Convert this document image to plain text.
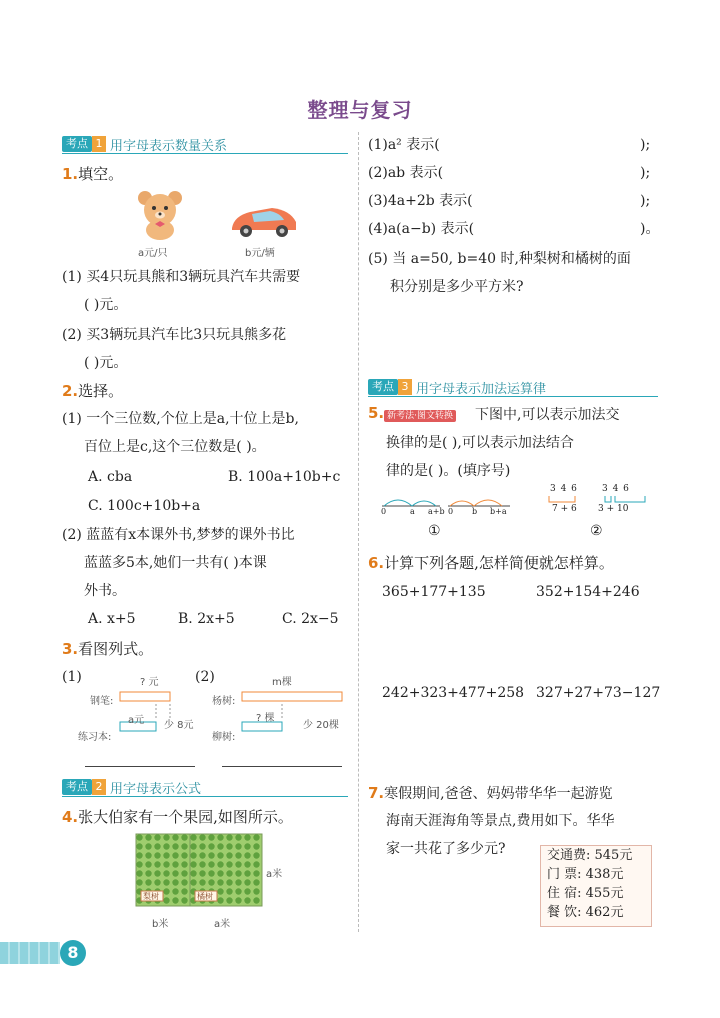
整理与复习
考点 1 用字母表示数量关系
1.填空。
a元/只	b元/辆
(1) 买4只玩具熊和3辆玩具汽车共需要
( )元。
(2) 买3辆玩具汽车比3只玩具熊多花
( )元。
2.选择。
(1) 一个三位数,个位上是a,十位上是b,
百位上是c,这个三位数是( )。
A. cba	B. 100a+10b+c
C. 100c+10b+a
(2) 蓝蓝有x本课外书,梦梦的课外书比
蓝蓝多5本,她们一共有( )本课
外书。
A. x+5	B. 2x+5	C. 2x−5
3.看图列式。
(1)	(2)
? 元
钢笔:
a元 少 8元
练习本:
m棵
杨树:
? 棵
少 20棵
柳树:
考点 2 用字母表示公式
4.张大伯家有一个果园,如图所示。
梨树	橘树
a米
b米	a米
(1)a² 表示(	);
(2)ab 表示(	);
(3)4a+2b 表示(	);
(4)a(a−b) 表示(	)。
(5) 当 a=50, b=40 时,种梨树和橘树的面
积分别是多少平方米?
考点 3 用字母表示加法运算律
5. 新考法·图文转换 下图中,可以表示加法交
换律的是( ),可以表示加法结合
律的是( )。(填序号)
0	a a+b 0 b b+a
①
3 4 6
7 + 6
3 4 6
3 + 10
②
6.计算下列各题,怎样简便就怎样算。
365+177+135	352+154+246
242+323+477+258 327+27+73−127
7.寒假期间,爸爸、妈妈带华华一起游览
海南天涯海角等景点,费用如下。华华
家一共花了多少元?	交通费: 545元
门 票: 438元
住 宿: 455元
餐 饮: 462元
8
